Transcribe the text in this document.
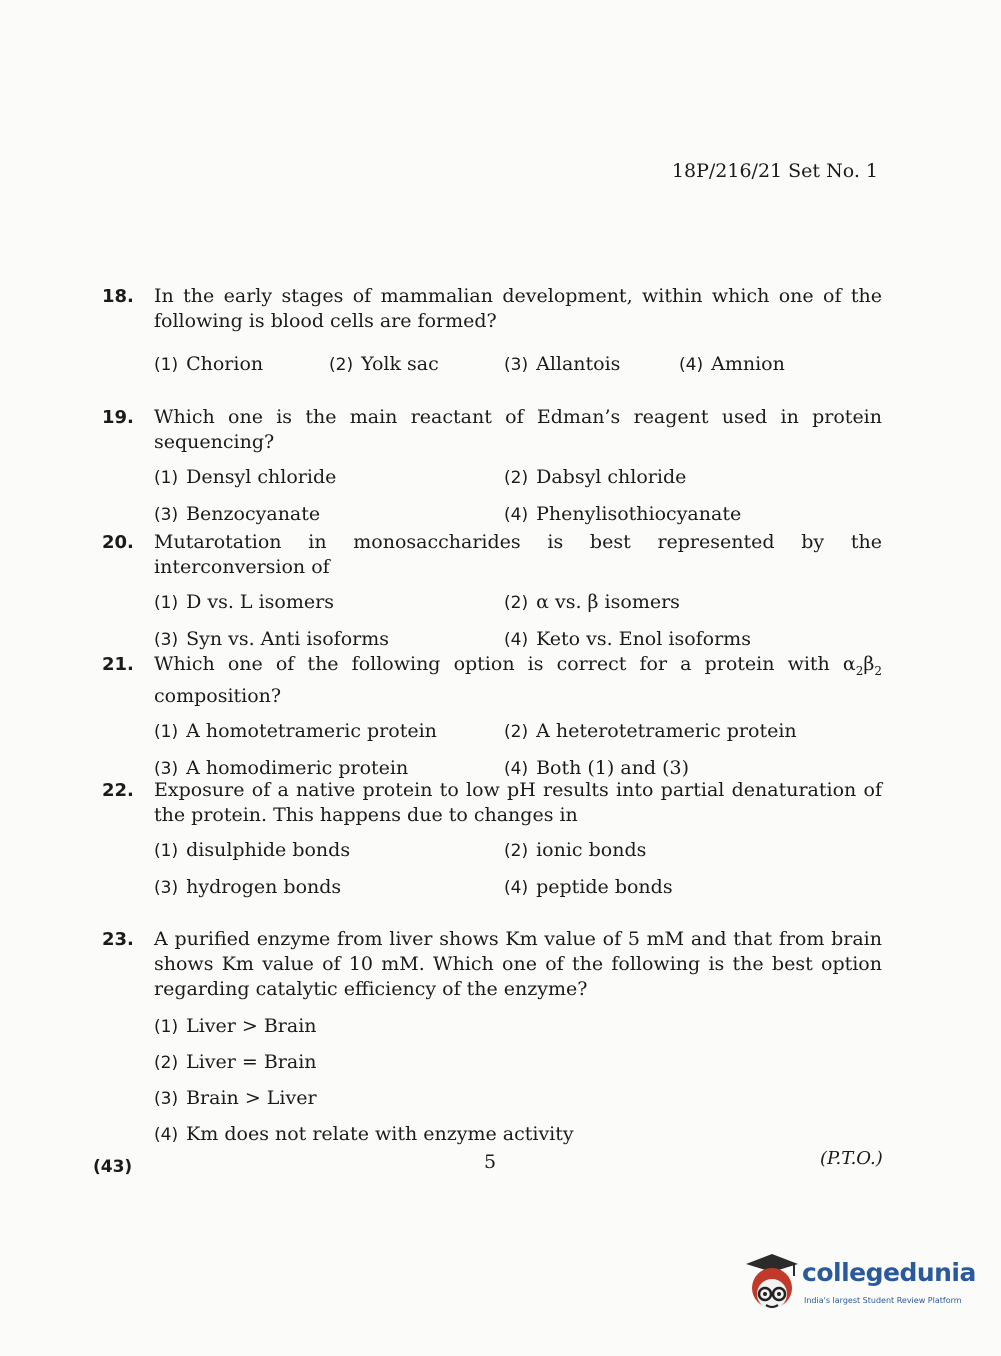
18P/216/21 Set No. 1
18. In the early stages of mammalian development, within which one of the following is blood cells are formed?
(1) Chorion	(2) Yolk sac	(3) Allantois	(4) Amnion
19. Which one is the main reactant of Edman’s reagent used in protein sequencing?
(1) Densyl chloride	(2) Dabsyl chloride
(3) Benzocyanate	(4) Phenylisothiocyanate
20. Mutarotation in monosaccharides is best represented by the interconversion of
(1) D vs. L isomers	(2) α vs. β isomers
(3) Syn vs. Anti isoforms	(4) Keto vs. Enol isoforms
21. Which one of the following option is correct for a protein with $\alpha_2\beta_2$ composition?
(1) A homotetrameric protein	(2) A heterotetrameric protein
(3) A homodimeric protein	(4) Both (1) and (3)
22. Exposure of a native protein to low pH results into partial denaturation of the protein. This happens due to changes in
(1) disulphide bonds	(2) ionic bonds
(3) hydrogen bonds	(4) peptide bonds
23. A purified enzyme from liver shows Km value of 5 mM and that from brain shows Km value of 10 mM. Which one of the following is the best option regarding catalytic efficiency of the enzyme?
(1) Liver > Brain
(2) Liver = Brain
(3) Brain > Liver
(4) Km does not relate with enzyme activity
(43)	5	(P.T.O.)
collegedunia
India's largest Student Review Platform
